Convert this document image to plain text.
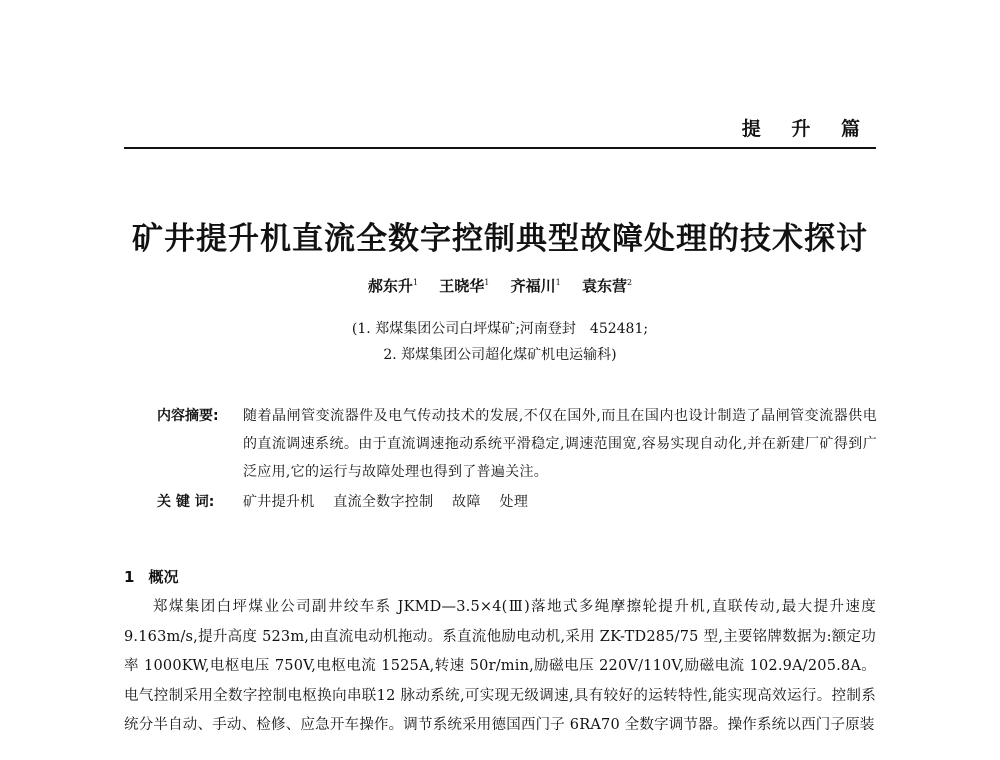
提 升 篇
矿井提升机直流全数字控制典型故障处理的技术探讨
郝东升$^1$ 王晓华$^1$ 齐福川$^1$ 袁东营$^2$
(1. 郑煤集团公司白坪煤矿;河南登封　452481;
2. 郑煤集团公司超化煤矿机电运输科)
内容摘要:	随着晶闸管变流器件及电气传动技术的发展,不仅在国外,而且在国内也设计制造了晶闸管变流器供电的直流调速系统。由于直流调速拖动系统平滑稳定,调速范围宽,容易实现自动化,并在新建厂矿得到广泛应用,它的运行与故障处理也得到了普遍关注。
关 键 词:	矿井提升机 直流全数字控制 故障 处理
1 概况

郑煤集团白坪煤业公司副井绞车系 JKMD—3.5×4(Ⅲ)落地式多绳摩擦轮提升机,直联传动,最大提升速度 9.163m/s,提升高度 523m,由直流电动机拖动。系直流他励电动机,采用 ZK-TD285/75 型,主要铭牌数据为:额定功率 1000KW,电枢电压 750V,电枢电流 1525A,转速 50r/min,励磁电压 220V/110V,励磁电流 102.9A/205.8A。电气控制采用全数字控制电枢换向串联12 脉动系统,可实现无级调速,具有较好的运转特性,能实现高效运行。控制系统分半自动、手动、检修、应急开车操作。调节系统采用德国西门子 6RA70 全数字调节器。操作系统以西门子原装
